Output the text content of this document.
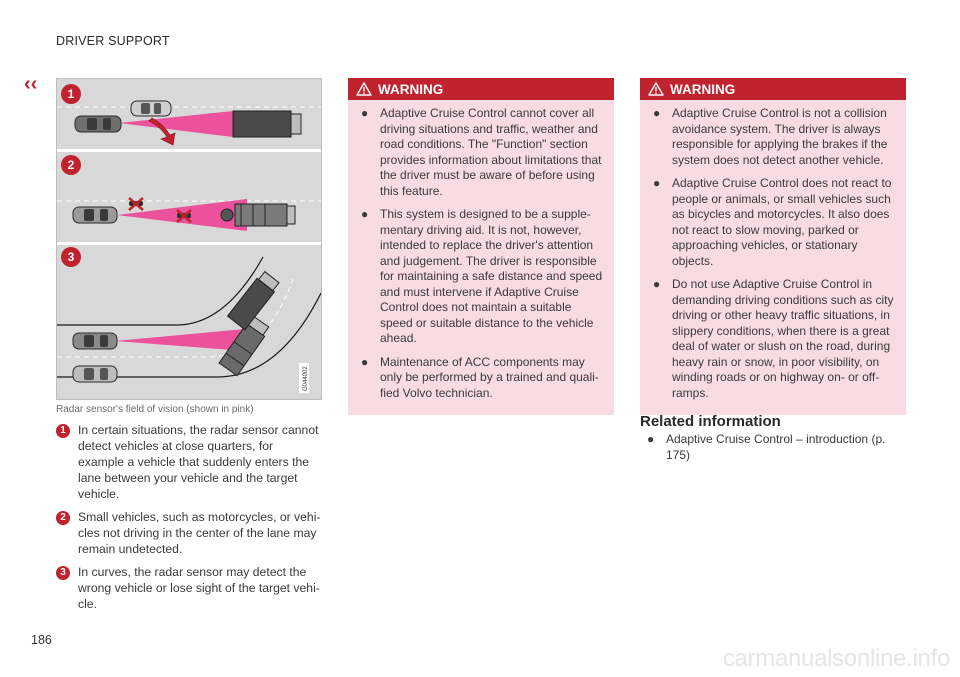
DRIVER SUPPORT
‹‹	1
2
3
G044002
Radar sensor's field of vision (shown in pink)
1	In certain situations, the radar sensor cannot detect vehicles at close quarters, for example a vehicle that suddenly enters the lane between your vehicle and the target vehicle.
2	Small vehicles, such as motorcycles, or vehi-cles not driving in the center of the lane may remain undetected.
3	In curves, the radar sensor may detect the wrong vehicle or lose sight of the target vehi-cle.
WARNING
● Adaptive Cruise Control cannot cover all driving situations and traffic, weather and road conditions. The "Function" section provides information about limitations that the driver must be aware of before using this feature.
● This system is designed to be a supple-mentary driving aid. It is not, however, intended to replace the driver's attention and judgement. The driver is responsible for maintaining a safe distance and speed and must intervene if Adaptive Cruise Control does not maintain a suitable speed or suitable distance to the vehicle ahead.
● Maintenance of ACC components may only be performed by a trained and quali-fied Volvo technician.
WARNING
● Adaptive Cruise Control is not a collision avoidance system. The driver is always responsible for applying the brakes if the system does not detect another vehicle.
● Adaptive Cruise Control does not react to people or animals, or small vehicles such as bicycles and motorcycles. It also does not react to slow moving, parked or approaching vehicles, or stationary objects.
● Do not use Adaptive Cruise Control in demanding driving conditions such as city driving or other heavy traffic situations, in slippery conditions, when there is a great deal of water or slush on the road, during heavy rain or snow, in poor visibility, on winding roads or on highway on- or off-ramps.
Related information
● Adaptive Cruise Control – introduction (p. 175)
186
carmanualsonline.info
